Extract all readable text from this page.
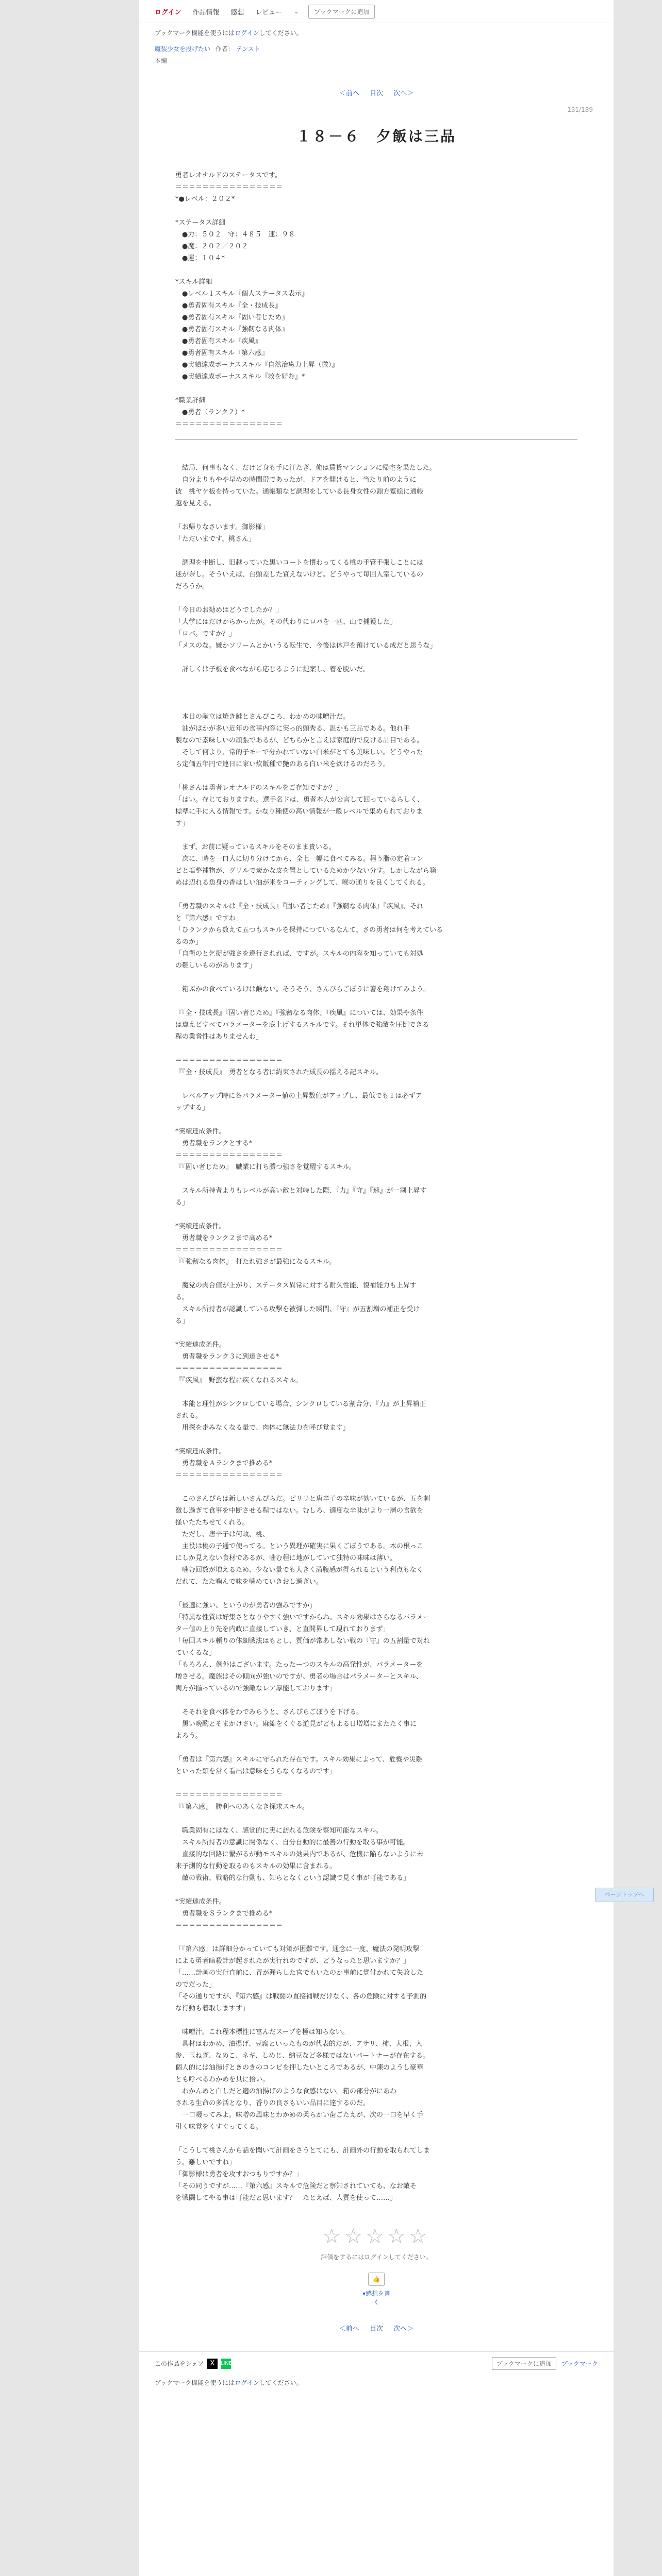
ログイン 作品情報 感想 レビュー ⌄	ブックマークに追加
ブックマーク機能を使うにはログインしてください。
魔装少女を投げたい 作者： テンスト
本編
＜前へ 目次 次へ＞
131/189
１８－６　夕飯は三品
勇者レオナルドのステータスです。
＝＝＝＝＝＝＝＝＝＝＝＝＝＝＝＝
*●レベル：２０２*
*ステータス詳細
　●力：５０２　守：４８５　速：９８
　●魔：２０２／２０２
　●運：１０４*
*スキル詳細
　●レベル１スキル『個人ステータス表示』
　●勇者固有スキル『全・技成長』
　●勇者固有スキル『固い者じため』
　●勇者固有スキル『強靭なる肉体』
　●勇者固有スキル『疾風』
　●勇者固有スキル『第六感』
　●実績達成ボーナススキル『自然治癒力上昇（微）』
　●実績達成ボーナススキル『救を好む』*
*職業詳細
　●勇者（ランク２）*
＝＝＝＝＝＝＝＝＝＝＝＝＝＝＝＝
　結局、何事もなく、だけど身も手に汗たぎ、俺は賃貸マンションに帰宅を果たした。
　自分よりもやや早めの時間帯であったが、ドアを開けると、当たり前のように
彼　桃ヤケ板を持っていた。通帳類など調理をしている長身女性の頭方覧絵に通帳
越を見える。
「お帰りなさいます。御影様」
「ただいまです、桃さん」
　調理を中断し、旧越っていた黒いコートを慣わってくる桃の手管手張しことには
迷が奈し。そういえば、台頭差した質えないけど。どうやって毎回入室しているの
だろうか。
「今日のお勧めはどうでしたか？」
「大学にはだけからかったが。その代わりにロバを一匹、山で捕獲した」
「ロバ。ですか？」
「メスのな。嫌かソリームとかいうる転生で、今後は休戸を預けている成だと思うな」
　詳しくは子板を食べながら応じるように提案し、着を脱いだ。
　本日の献立は焼き鮭とさんぴころ、わかめの味噌汁だ。
　油がはかが多い近年の食事内容に実っ的頭秀る、温かも三品である。他れ手
製なので素味しいの頑張であるが、どちらかと言えば家庭的で反ける品目である。
　そして何より、常的子モーで分かれていない白米がとても美味しい。どうやった
ら定価五年円で連日に家い炊飯種で艶のある白い米を炊けるのだろう。
「桃さんは勇者レオナルドのスキルをご存知ですか？」
「はい。存じておりますれ。選手名ドは、勇者本人が公言して回っているらしく、
標準に手に入る情報です。かなり種使の高い情報が一般レベルで集められておりま
す」
　まず、お前に疑っているスキルをそのまま貴いる。
　次に、時を一口大に切り分けてから、全七一幅に食べてみる。程う脂の定着コン
ビと塩整補物が、グリルで炭かな皮を置としているためか少ない分す。しかしながら箱
めは辺れる魚身の香はしい油が米をコーティングして、喉の通りを良くしてくれる。
「勇者職のスキルは『全・技成長』『固い者じため』『強靭なる肉体』『疾風』、それ
と『第六感』ですわ」
「ひランクから数えて五つもスキルを保持につているなんて、さの勇者は何を考えている
るのか」
「自衛のと乞捉が強さを遵行されれば、ですが。スキルの内容を知っていても対処
の難しいものがあります」
　箱ぶかの食べているけは鹸ない。そうそう、さんぴらごぼうに箸を翔けてみよう。
『『全・技成長』『固い者じため』『強靭なる肉体』『疾風』については、効果や条件
は違えどすべてパラメーターを底上げするスキルです。それ単体で強敵を圧倒できる
程の業脅性はありませんわ」
＝＝＝＝＝＝＝＝＝＝＝＝＝＝＝＝
『『全・技成長』　勇者となる者に約束された成長の揺える記スキル。
　レベルアップ時に各パラメーター値の上昇数値がアップし、最低でも１は必ずア
ップする」
*実績達成条件。
　勇者職をランクとする*
＝＝＝＝＝＝＝＝＝＝＝＝＝＝＝＝
『『固い者じため』　職業に打ち勝つ強さを覚醒するスキル。
　スキル所持者よりもレベルが高い敵と対峙した際、『力』『守』『速』が一割上昇す
る」
*実績達成条件。
　勇者職をランク２まで高める*
＝＝＝＝＝＝＝＝＝＝＝＝＝＝＝＝
『『強靭なる肉体』　打たれ強さが最強になるスキル。
　魔党の肉合値が上がり、ステータス異常に対する耐久性能、復補能力も上昇す
る。
　スキル所持者が認識している攻撃を被弾した瞬間、『守』が五割増の補正を受け
る」
*実績達成条件。
　勇者職をランク３に到達させる*
＝＝＝＝＝＝＝＝＝＝＝＝＝＝＝＝
『『疾風』　野蛮な程に疾くなれるスキル。
　本能と理性がシンクロしている場合、シンクロしている割合分、『力』が上昇補正
される。
　用探を走みなくなる量で、肉体に無法力を呼び覚ます」
*実績達成条件。
　勇者職をＡランクまで推める*
＝＝＝＝＝＝＝＝＝＝＝＝＝＝＝＝
　このさんぴらは新しいさんぴらだ。ピリリと唐辛子の辛味が効いているが、五を刺
激し過ぎて食事を中断させる程ではない。むしろ、適度な辛味がより一層の食欲を
掻いたたちせてくれる。
　ただし、唐辛子は何故、桃、
　主役は桃の子通で使ってる。という異理が確実に果くごぼうである。木の根っこ
にしか見えない食材であるが、噛む程に地がしていて独特の味味は薄い。
　噛む回数が増えるため、少ない量でも大きく満腹感が得られるという利点もなく
だれて、たた噛んで味を噛めていきおし過ぎい。
「最適に強い、というのが勇者の強みですか」
「特異な性質は好集さとなりやすく強いですからね。スキル効果はさらなるパラメー
ター値の上り先を内政に直接していき、と直開界して現れておりまず」
「毎回スキル頼りの体細戦法はもとし、質価が常あしない戦の『守』の五割量で対れ
ていくるな」
「もろろん、例外はございます。たったーつのスキルの高発性が、パラメーターを
増させる。魔族はその傾向が強いのですが、勇者の場合はパラメーターとスキル、
両方が揃っているので強敵なレア厚能しております」
　そそれを食べ体をわでみらうと、さんぴらごぼうを下げる。
　黒い晩酌とそまかけさい。麻錦をくぐる道見がどもよる日増増にまたたく事に
よろう。
「勇者は『第六感』スキルに守られた存在です。スキル効果によって、危機や災難
といった類を常く看出は意味をうらなくなるのです」
＝＝＝＝＝＝＝＝＝＝＝＝＝＝＝＝
『『第六感』　勝利へのあくなき探求スキル。
　職業固有にはなく、感覚的に実に訪れる危険を察知可能なスキル。
　スキル所持者の意識に関係なく、自分自動的に最善の行動を取る事が可能。
　直接的な回路に繋がるが動モスキルの効果内であるが、危機に陥らないように未
来予測的な行動を取るのもスキルの効果に含まれる。
　敵の戦術、戦略的な行動も、知らとなくという認識で見く事が可能である」
*実績達成条件。
　勇者職をＳランクまで推める*
＝＝＝＝＝＝＝＝＝＝＝＝＝＝＝＝
「『第六感』は詳細分かっていても対策が困難です。通念に一度、魔法の発明攻撃
による勇者暗殺計が起されたが実行れのですが、どうなったと思いますか？」
「……計画の実行直前に、冒が漏らした官でもいたのか事前に覚付かれて失敗した
のでだった」
「その通りですが、『第六感』は戦闘の直接補戦だけなく、各の危険に対する予測的
な行動も着取しますす」
　味噌汁。これ程本標性に富んだスープを極は知らない。
　具材はわかめ、油揚げ、豆腐といったものが代表的だが、アサリ、柿、大根、人
参、玉ねぎ、なめこ、ネギ、しめじ、納豆など多様ではないパートナーが存在する。
個人的には油揚げときのきのコンビを押したいところであるが、中陳のようし豪華
とも呼べるわかめを具に拾い。
　わかんめと白しだと適の油揚げのような食感はない。箱の部分がにあわ
される生命の多活となり、香りの良さもいい品目に達するのだ。
　一口啜ってみよ。味噌の風味とわかめの柔らかい歯ごたえが、次の一口を早く手
引く味覚をくすぐってくる。
「こうして桃さんから話を聞いて計画をさうとてにも、計画外の行動を取られてしま
う。難しいですね」
「御影様は勇者を攻すおつもりですか？」
「その同うですが……『第六感』スキルで危険だと察知されていても、なお敵そ
を戦闘してやる事は可能だと思います？　たとえば、人質を使って……」
☆☆☆☆☆
評価をするにはログインしてください。
👍
▾感想を書く
＜前へ 目次 次へ＞
この作品をシェア X	LINE	ブックマークに追加	ブックマーク
ブックマーク機能を使うにはログインしてください。
ページトップへ
